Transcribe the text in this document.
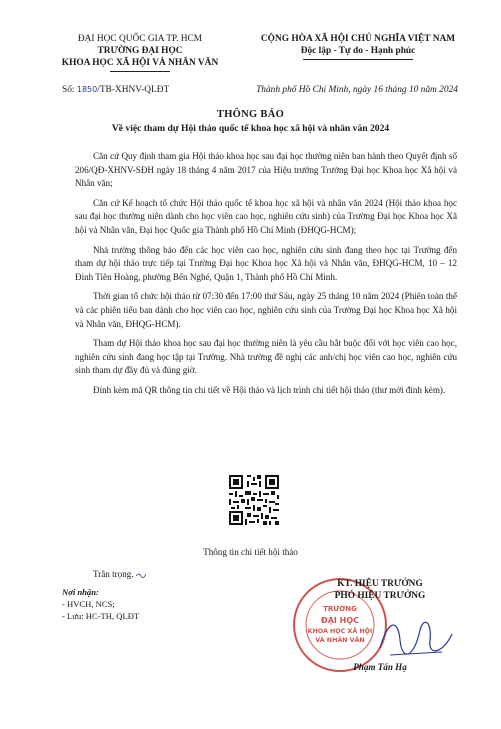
ĐẠI HỌC QUỐC GIA TP. HCM
TRƯỜNG ĐẠI HỌC
KHOA HỌC XÃ HỘI VÀ NHÂN VĂN
CỘNG HÒA XÃ HỘI CHỦ NGHĨA VIỆT NAM
Độc lập - Tự do - Hạnh phúc
Số: 1850/TB-XHNV-QLĐT	Thành phố Hồ Chí Minh, ngày 16 tháng 10 năm 2024
THÔNG BÁO
Về việc tham dự Hội thảo quốc tế khoa học xã hội và nhân văn 2024

Căn cứ Quy định tham gia Hội thảo khoa học sau đại học thường niên ban hành theo Quyết định số 206/QĐ-XHNV-SĐH ngày 18 tháng 4 năm 2017 của Hiệu trưởng Trường Đại học Khoa học Xã hội và Nhân văn;

Căn cứ Kế hoạch tổ chức Hội thảo quốc tế khoa học xã hội và nhân văn 2024 (Hội thảo khoa học sau đại học thường niên dành cho học viên cao học, nghiên cứu sinh) của Trường Đại học Khoa học Xã hội và Nhân văn, Đại học Quốc gia Thành phố Hồ Chí Minh (ĐHQG-HCM);

Nhà trường thông báo đến các học viên cao học, nghiên cứu sinh đang theo học tại Trường đến tham dự hội thảo trực tiếp tại Trường Đại học Khoa học Xã hội và Nhân văn, ĐHQG-HCM, 10 – 12 Đinh Tiên Hoàng, phường Bến Nghé, Quận 1, Thành phố Hồ Chí Minh.

Thời gian tổ chức hội thảo từ 07:30 đến 17:00 thứ Sáu, ngày 25 tháng 10 năm 2024 (Phiên toàn thể và các phiên tiểu ban dành cho học viên cao học, nghiên cứu sinh của Trường Đại học Khoa học Xã hội và Nhân văn, ĐHQG-HCM).

Tham dự Hội thảo khoa học sau đại học thường niên là yêu cầu bắt buộc đối với học viên cao học, nghiên cứu sinh đang học tập tại Trường. Nhà trường đề nghị các anh/chị học viên cao học, nghiên cứu sinh tham dự đầy đủ và đúng giờ.

Đính kèm mã QR thông tin chi tiết về Hội thảo và lịch trình chi tiết hội thảo (thư mời đính kèm).

Thông tin chi tiết hội thảo
Trân trọng.
Nơi nhận:
- HVCH, NCS;
- Lưu: HC-TH, QLĐT
TRƯỜNG
ĐẠI HỌC
KHOA HỌC XÃ HỘI
VÀ NHÂN VĂN
KT. HIỆU TRƯỞNG
PHÓ HIỆU TRƯỞNG
Phạm Tấn Hạ
